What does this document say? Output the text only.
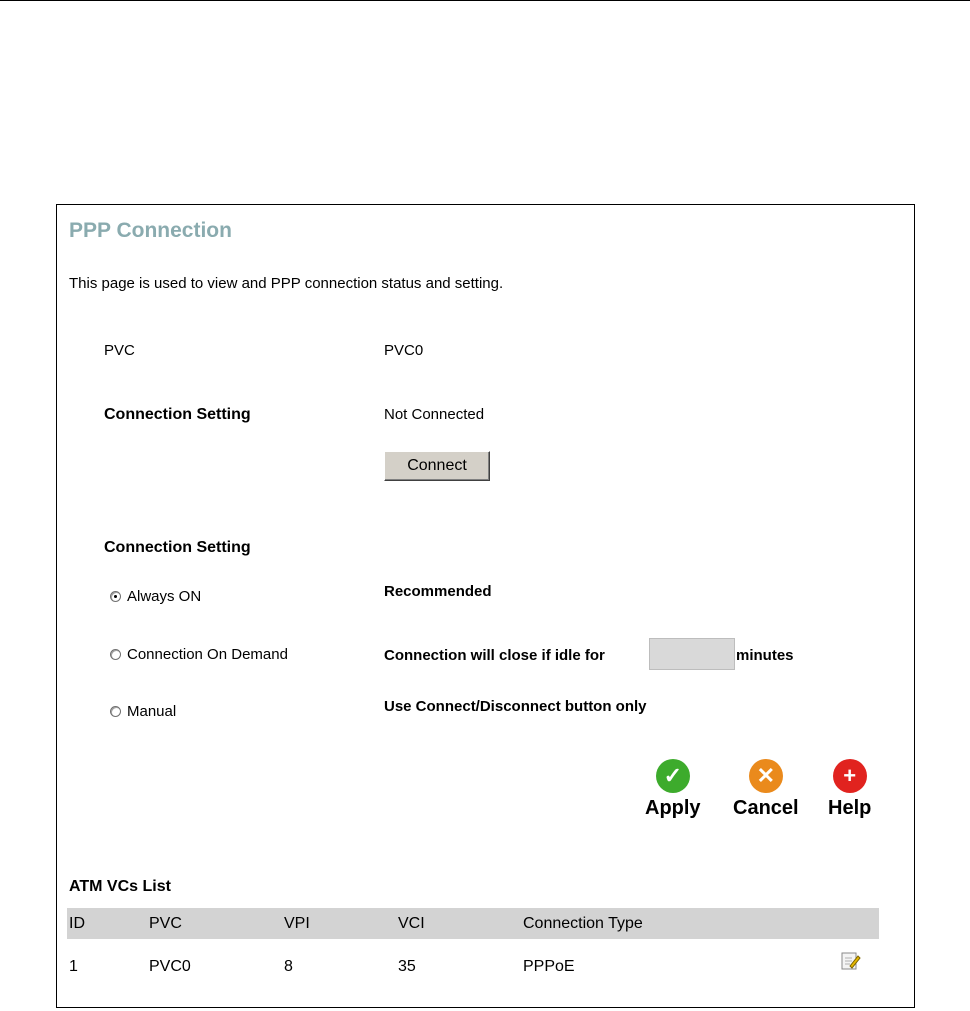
PPP Connection
This page is used to view and PPP connection status and setting.
PVC	PVC0
Connection Setting	Not Connected
Connect
Connection Setting
Always ON	Recommended
Connection On Demand	Connection will close if idle for	minutes
Manual	Use Connect/Disconnect button only
✓
Apply
✕
Cancel
+
Help
ATM VCs List
ID	PVC	VPI	VCI	Connection Type
1	PVC0	8	35	PPPoE
